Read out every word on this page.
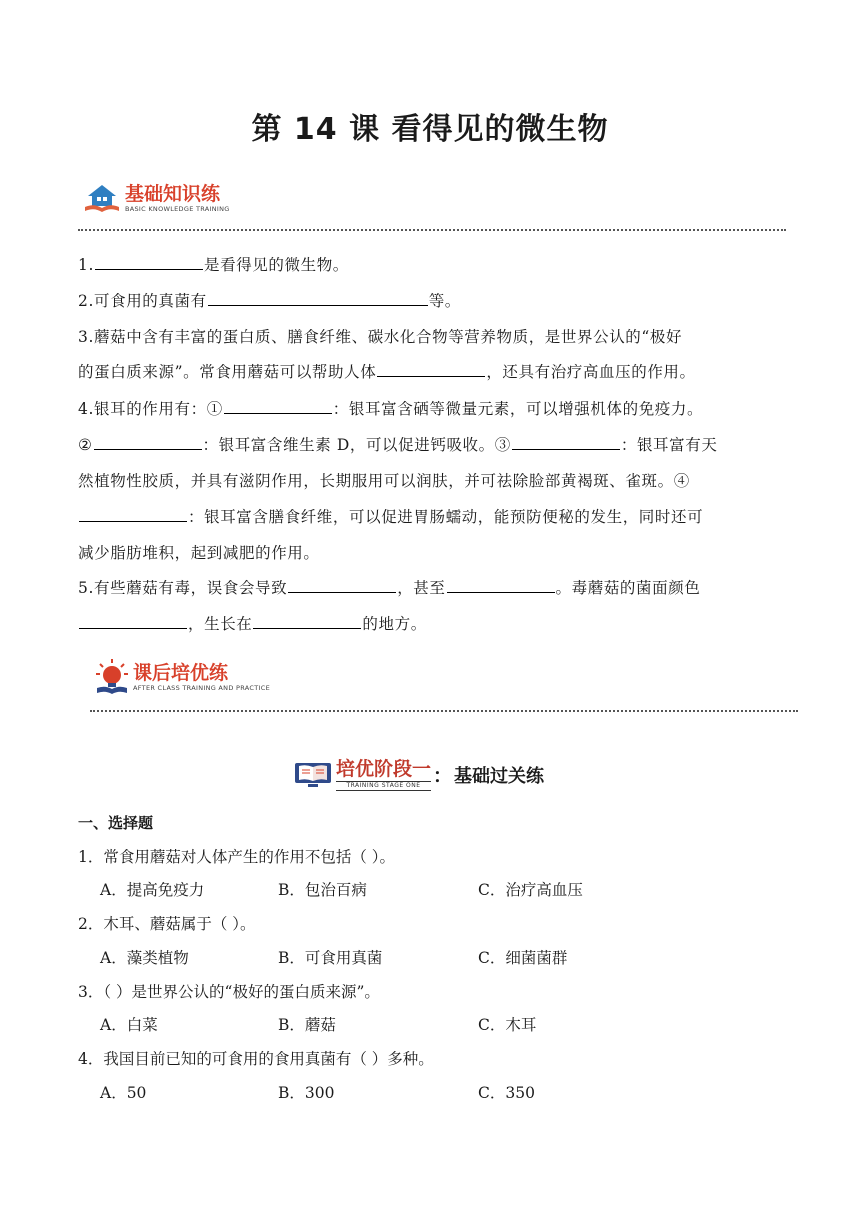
第 14 课 看得见的微生物
基础知识练
BASIC KNOWLEDGE TRAINING
1.	是看得见的微生物。
2.可食用的真菌有	等。
3.蘑菇中含有丰富的蛋白质、膳食纤维、碳水化合物等营养物质，是世界公认的“极好
的蛋白质来源”。常食用蘑菇可以帮助人体	，还具有治疗高血压的作用。
4.银耳的作用有：①	：银耳富含硒等微量元素，可以增强机体的免疫力。
②	：银耳富含维生素 D，可以促进钙吸收。③	：银耳富有天
然植物性胶质，并具有滋阴作用，长期服用可以润肤，并可祛除脸部黄褐斑、雀斑。④
：银耳富含膳食纤维，可以促进胃肠蠕动，能预防便秘的发生，同时还可
减少脂肪堆积，起到减肥的作用。
5.有些蘑菇有毒，误食会导致	，甚至	。毒蘑菇的菌面颜色
，生长在	的地方。
课后培优练
AFTER CLASS TRAINING AND PRACTICE
培优阶段一
TRAINING STAGE ONE ： 基础过关练
一、选择题
1．常食用蘑菇对人体产生的作用不包括（ ）。
A．提高免疫力	B．包治百病	C．治疗高血压
2．木耳、蘑菇属于（ ）。
A．藻类植物	B．可食用真菌	C．细菌菌群
3．（ ）是世界公认的“极好的蛋白质来源”。
A．白菜	B．蘑菇	C．木耳
4．我国目前已知的可食用的食用真菌有（ ）多种。
A．50	B．300	C．350
